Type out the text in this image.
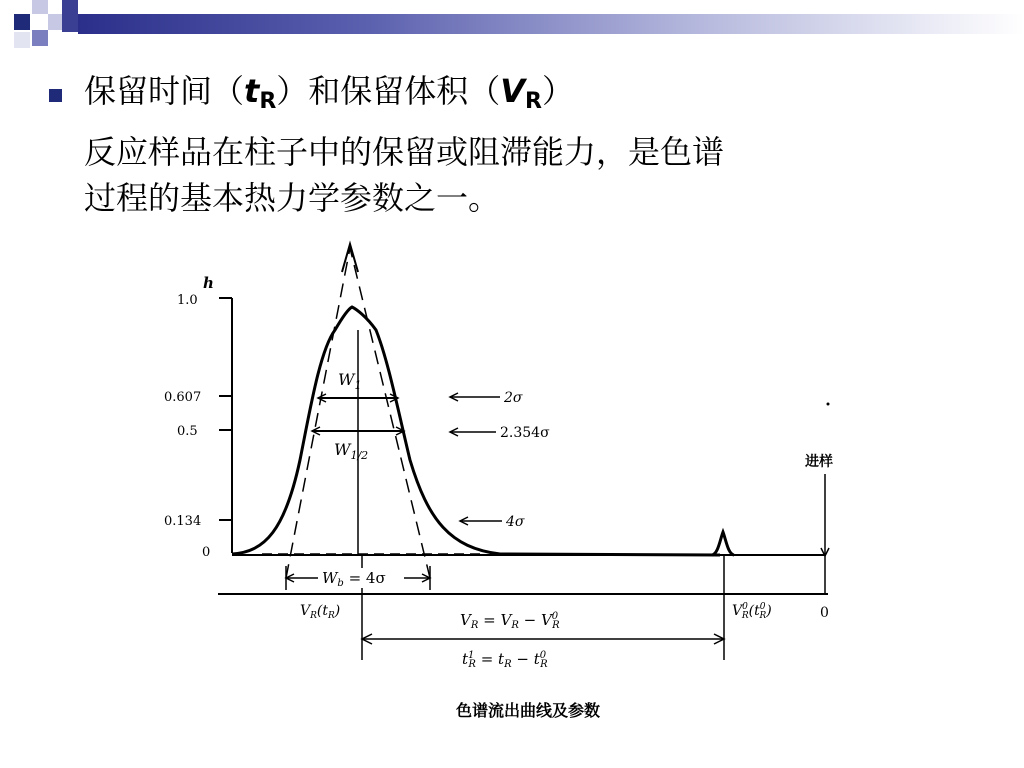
保留时间$(t_R)$和保留体积$(V_R)$
反应样品在柱子中的保留或阻滞能力，是色谱
过程的基本热力学参数之一。
h
1.0
0.607
0.5
0.134
0
$W_1$
$W_{1/2}$
2σ
2.354σ
4σ
进样
$W_b = 4\sigma$
$V_R(t_R)$	$V^0$ $R(t^0$ R)	0
$V_R = V_R - V^0$ R
$t^1$ $R = t_R - t^0$ R
色谱流出曲线及参数
